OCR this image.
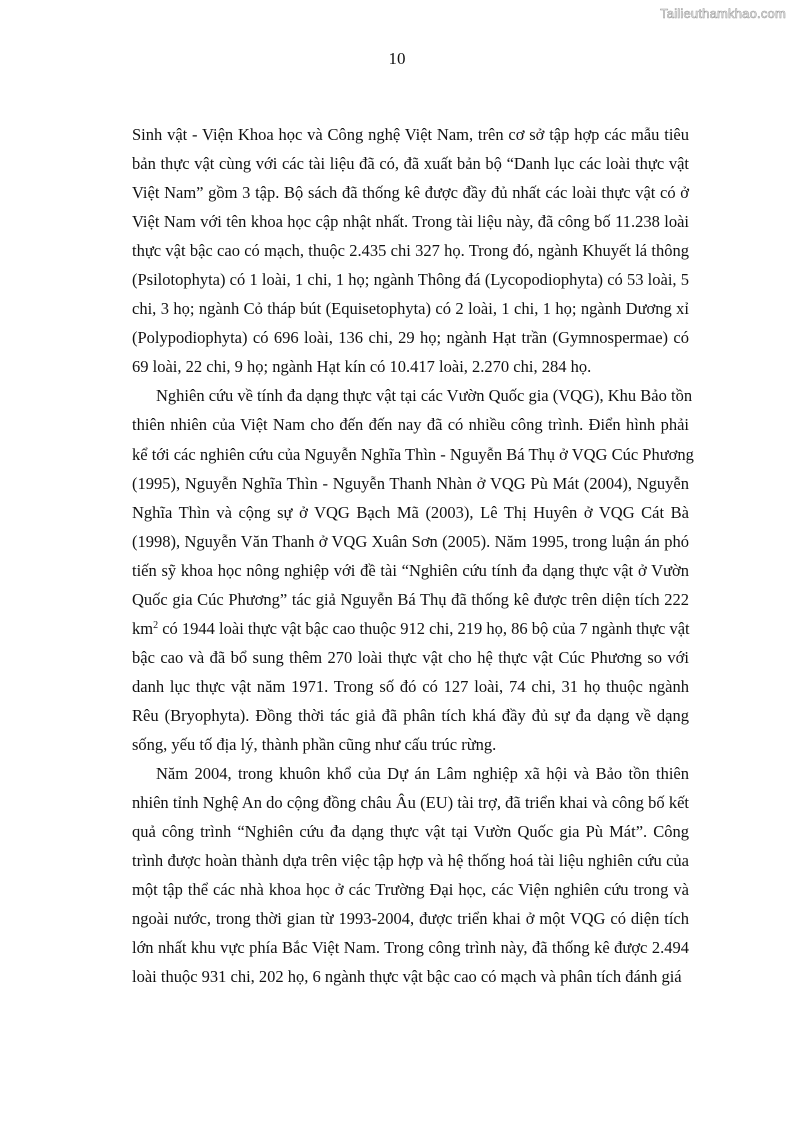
Tailieuthamkhao.com
10

Sinh vật - Viện Khoa học và Công nghệ Việt Nam, trên cơ sở tập hợp các mẫu tiêu
bản thực vật cùng với các tài liệu đã có, đã xuất bản bộ “Danh lục các loài thực vật
Việt Nam” gồm 3 tập. Bộ sách đã thống kê được đầy đủ nhất các loài thực vật có ở
Việt Nam với tên khoa học cập nhật nhất. Trong tài liệu này, đã công bố 11.238 loài
thực vật bậc cao có mạch, thuộc 2.435 chi 327 họ. Trong đó, ngành Khuyết lá thông
(Psilotophyta) có 1 loài, 1 chi, 1 họ; ngành Thông đá (Lycopodiophyta) có 53 loài, 5
chi, 3 họ; ngành Cỏ tháp bút (Equisetophyta) có 2 loài, 1 chi, 1 họ; ngành Dương xỉ
(Polypodiophyta) có 696 loài, 136 chi, 29 họ; ngành Hạt trần (Gymnospermae) có
69 loài, 22 chi, 9 họ; ngành Hạt kín có 10.417 loài, 2.270 chi, 284 họ.

Nghiên cứu về tính đa dạng thực vật tại các Vườn Quốc gia (VQG), Khu Bảo tồn
thiên nhiên của Việt Nam cho đến đến nay đã có nhiều công trình. Điển hình phải
kể tới các nghiên cứu của Nguyễn Nghĩa Thìn - Nguyễn Bá Thụ ở VQG Cúc Phương
(1995), Nguyễn Nghĩa Thìn - Nguyễn Thanh Nhàn ở VQG Pù Mát (2004), Nguyễn
Nghĩa Thìn và cộng sự ở VQG Bạch Mã (2003), Lê Thị Huyên ở VQG Cát Bà
(1998), Nguyễn Văn Thanh ở VQG Xuân Sơn (2005). Năm 1995, trong luận án phó
tiến sỹ khoa học nông nghiệp với đề tài “Nghiên cứu tính đa dạng thực vật ở Vườn
Quốc gia Cúc Phương” tác giả Nguyễn Bá Thụ đã thống kê được trên diện tích 222
$km^2$ có 1944 loài thực vật bậc cao thuộc 912 chi, 219 họ, 86 bộ của 7 ngành thực vật
bậc cao và đã bổ sung thêm 270 loài thực vật cho hệ thực vật Cúc Phương so với
danh lục thực vật năm 1971. Trong số đó có 127 loài, 74 chi, 31 họ thuộc ngành
Rêu (Bryophyta). Đồng thời tác giả đã phân tích khá đầy đủ sự đa dạng về dạng
sống, yếu tố địa lý, thành phần cũng như cấu trúc rừng.

Năm 2004, trong khuôn khổ của Dự án Lâm nghiệp xã hội và Bảo tồn thiên
nhiên tỉnh Nghệ An do cộng đồng châu Âu (EU) tài trợ, đã triển khai và công bố kết
quả công trình “Nghiên cứu đa dạng thực vật tại Vườn Quốc gia Pù Mát”. Công
trình được hoàn thành dựa trên việc tập hợp và hệ thống hoá tài liệu nghiên cứu của
một tập thể các nhà khoa học ở các Trường Đại học, các Viện nghiên cứu trong và
ngoài nước, trong thời gian từ 1993-2004, được triển khai ở một VQG có diện tích
lớn nhất khu vực phía Bắc Việt Nam. Trong công trình này, đã thống kê được 2.494
loài thuộc 931 chi, 202 họ, 6 ngành thực vật bậc cao có mạch và phân tích đánh giá
